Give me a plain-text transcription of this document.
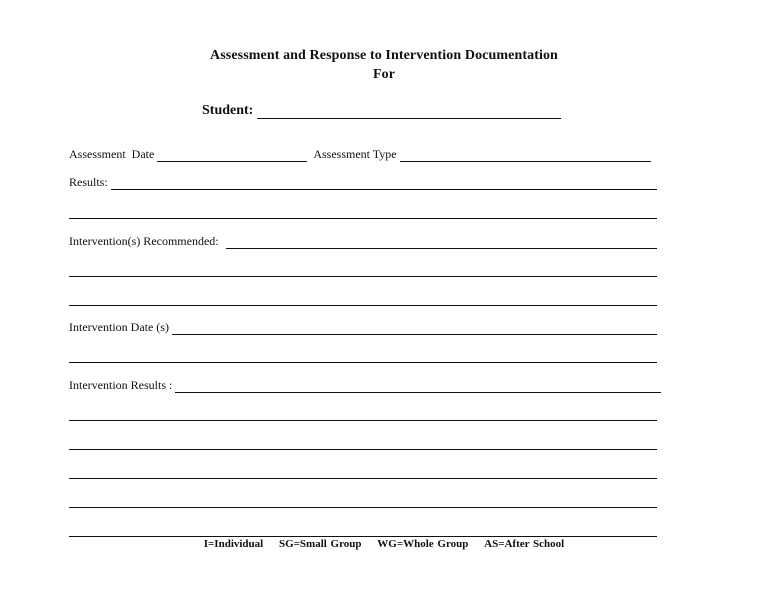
Assessment and Response to Intervention Documentation
For
Student:
Assessment  Date	Assessment Type
Results:
Intervention(s) Recommended:
Intervention Date (s)
Intervention Results :
I=Individual SG=Small Group WG=Whole Group AS=After School
